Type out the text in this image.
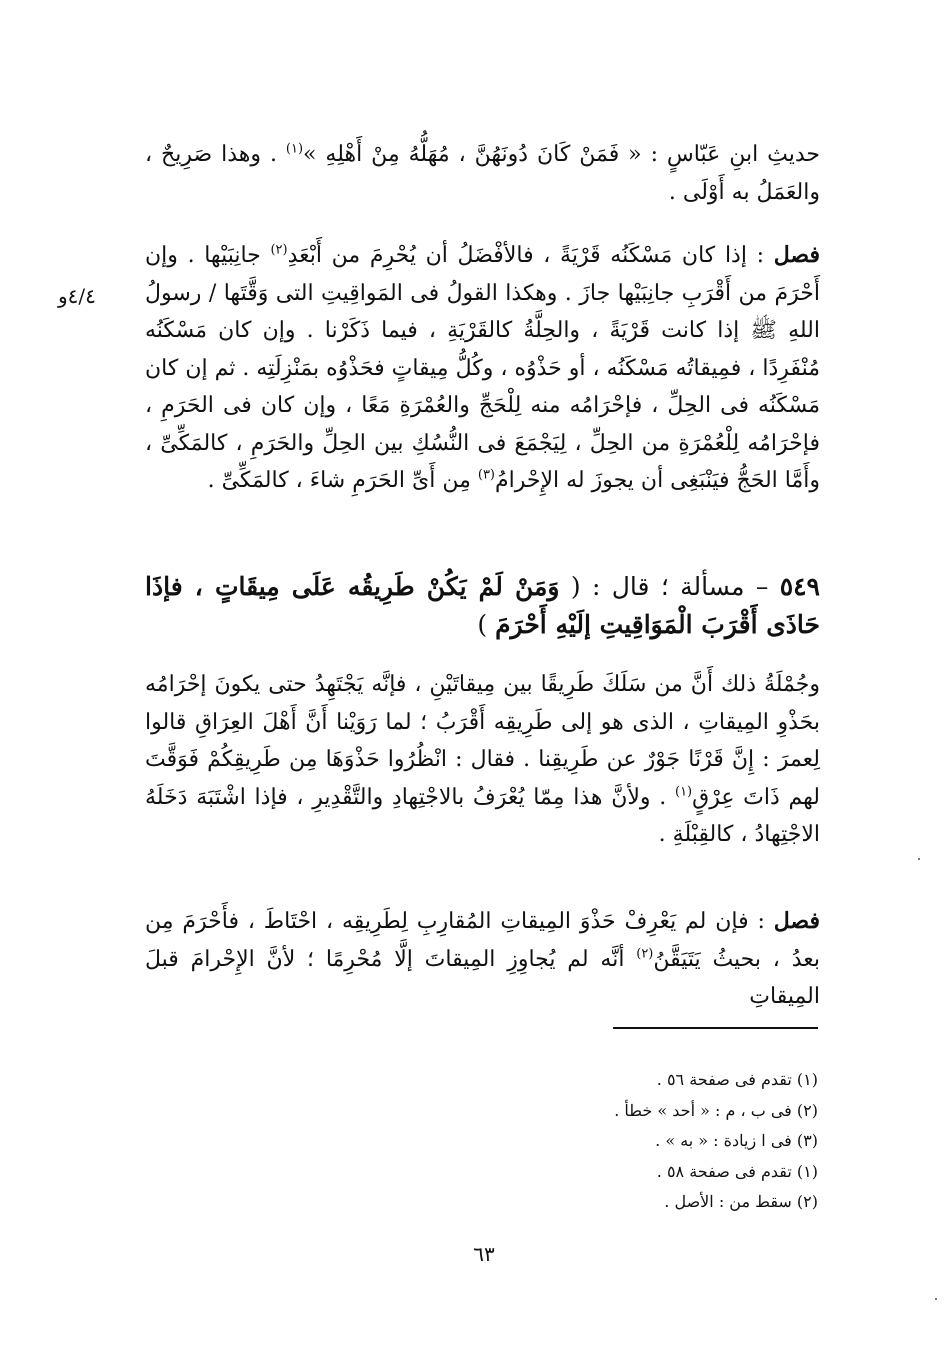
٤/٤و

حديثِ ابنِ عَبّاسٍ : « فَمَنْ كَانَ دُونَهُنَّ ، مُهَلُّهُ مِنْ أَهْلِهِ »$^{(١)}$ . وهذا صَرِيحٌ ، والعَمَلُ به أَوْلَى .

فصل : إذا كان مَسْكَنُه قَرْيَةً ، فالأفْضَلُ أن يُحْرِمَ من أَبْعَدِ$^{(٢)}$ جانِبَيْها . وإن أَحْرَمَ من أَقْرَبِ جانِبَيْها جازَ . وهكذا القولُ فى المَواقِيتِ التى وَقَّتَها / رسولُ اللهِ ﷺ إذا كانت قَرْيَةً ، والحِلَّةُ كالقَرْيَةِ ، فيما ذَكَرْنا . وإن كان مَسْكَنُه مُنْفَرِدًا ، فمِيقاتُه مَسْكَنُه ، أو حَذْوُه ، وكُلُّ مِيقاتٍ فحَذْوُه بمَنْزِلَتِه . ثم إن كان مَسْكَنُه فى الحِلِّ ، فإحْرَامُه منه لِلْحَجِّ والعُمْرَةِ مَعًا ، وإن كان فى الحَرَمِ ، فإحْرَامُه لِلْعُمْرَةِ من الحِلِّ ، لِيَجْمَعَ فى النُّسُكِ بين الحِلِّ والحَرَمِ ، كالمَكِّىِّ ، وأَمَّا الحَجُّ فيَنْبَغِى أن يجوزَ له الإِحْرامُ$^{(٣)}$ مِن أَىِّ الحَرَمِ شاءَ ، كالمَكِّىِّ .

٥٤٩ – مسألة ؛ قال : ( وَمَنْ لَمْ يَكُنْ طَرِيقُه عَلَى مِيقَاتٍ ، فإذَا حَاذَى أَقْرَبَ الْمَوَاقِيتِ إلَيْهِ أَحْرَمَ )

وجُمْلَةُ ذلك أَنَّ من سَلَكَ طَرِيقًا بين مِيقاتَيْنِ ، فإنَّه يَجْتَهِدُ حتى يكونَ إحْرَامُه بحَذْوِ المِيقاتِ ، الذى هو إلى طَرِيقِه أَقْرَبُ ؛ لما رَوَيْنا أَنَّ أَهْلَ العِرَاقِ قالوا لِعمرَ : إِنَّ قَرْنًا جَوْرٌ عن طَرِيقِنا . فقال : انْظُرُوا حَذْوَهَا مِن طَرِيقِكُمْ فَوَقَّتَ لهم ذَاتَ عِرْقٍ$^{(١)}$ . ولأنَّ هذا مِمّا يُعْرَفُ بالاجْتِهادِ والتَّقْدِيرِ ، فإذا اشْتَبَهَ دَخَلَهُ الاجْتِهادُ ، كالقِبْلَةِ .

فصل : فإن لم يَعْرِفْ حَذْوَ المِيقاتِ المُقارِبِ لِطَرِيقِه ، احْتَاطَ ، فأَحْرَمَ مِن بعدُ ، بحيثُ يَتَيَقَّنُ$^{(٢)}$ أنَّه لم يُجاوِزِ المِيقاتَ إلَّا مُحْرِمًا ؛ لأنَّ الإِحْرامَ قبلَ المِيقاتِ

(١) تقدم فى صفحة ٥٦ .

(٢) فى ب ، م : « أحد » خطأ .

(٣) فى ا زيادة : « به » .

(١) تقدم فى صفحة ٥٨ .

(٢) سقط من : الأصل .

٦٣
